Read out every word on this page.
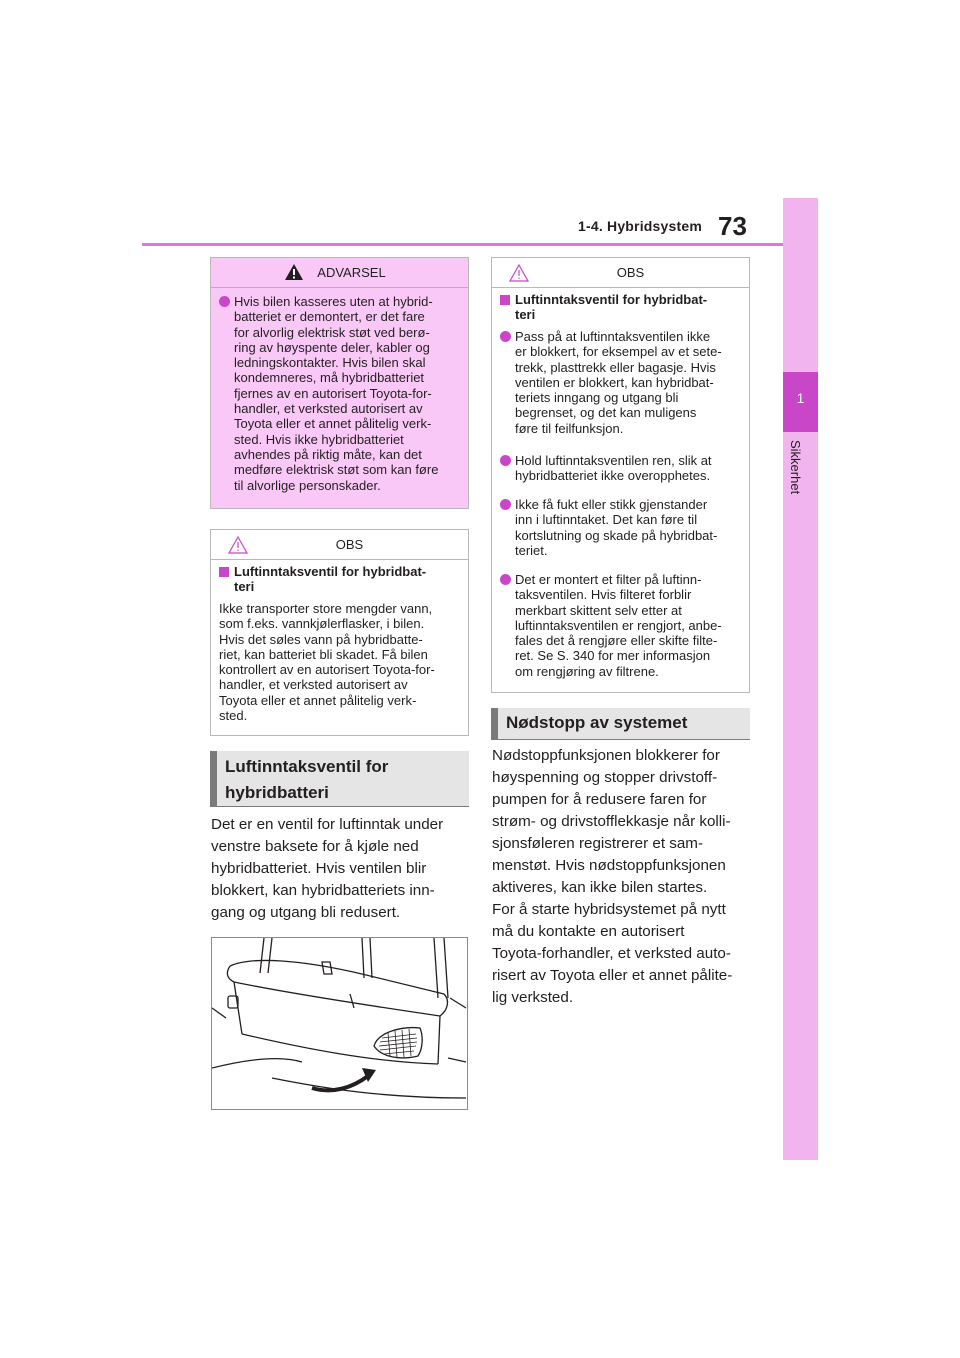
1-4. Hybridsystem 73
1
Sikkerhet
ADVARSEL
Hvis bilen kasseres uten at hybrid-
batteriet er demontert, er det fare
for alvorlig elektrisk støt ved berø-
ring av høyspente deler, kabler og
ledningskontakter. Hvis bilen skal
kondemneres, må hybridbatteriet
fjernes av en autorisert Toyota-for-
handler, et verksted autorisert av
Toyota eller et annet pålitelig verk-
sted. Hvis ikke hybridbatteriet
avhendes på riktig måte, kan det
medføre elektrisk støt som kan føre
til alvorlige personskader.
OBS
Luftinntaksventil for hybridbat-
teri
Ikke transporter store mengder vann,
som f.eks. vannkjølerflasker, i bilen.
Hvis det søles vann på hybridbatte-
riet, kan batteriet bli skadet. Få bilen
kontrollert av en autorisert Toyota-for-
handler, et verksted autorisert av
Toyota eller et annet pålitelig verk-
sted.
Luftinntaksventil for
hybridbatteri
Det er en ventil for luftinntak under
venstre baksete for å kjøle ned
hybridbatteriet. Hvis ventilen blir
blokkert, kan hybridbatteriets inn-
gang og utgang bli redusert.
OBS
Luftinntaksventil for hybridbat-
teri
Pass på at luftinntaksventilen ikke
er blokkert, for eksempel av et sete-
trekk, plasttrekk eller bagasje. Hvis
ventilen er blokkert, kan hybridbat-
teriets inngang og utgang bli
begrenset, og det kan muligens
føre til feilfunksjon.
Hold luftinntaksventilen ren, slik at
hybridbatteriet ikke overopphetes.
Ikke få fukt eller stikk gjenstander
inn i luftinntaket. Det kan føre til
kortslutning og skade på hybridbat-
teriet.
Det er montert et filter på luftinn-
taksventilen. Hvis filteret forblir
merkbart skittent selv etter at
luftinntaksventilen er rengjort, anbe-
fales det å rengjøre eller skifte filte-
ret. Se S. 340 for mer informasjon
om rengjøring av filtrene.
Nødstopp av systemet
Nødstoppfunksjonen blokkerer for
høyspenning og stopper drivstoff-
pumpen for å redusere faren for
strøm- og drivstofflekkasje når kolli-
sjonsføleren registrerer et sam-
menstøt. Hvis nødstoppfunksjonen
aktiveres, kan ikke bilen startes.
For å starte hybridsystemet på nytt
må du kontakte en autorisert
Toyota-forhandler, et verksted auto-
risert av Toyota eller et annet pålite-
lig verksted.
